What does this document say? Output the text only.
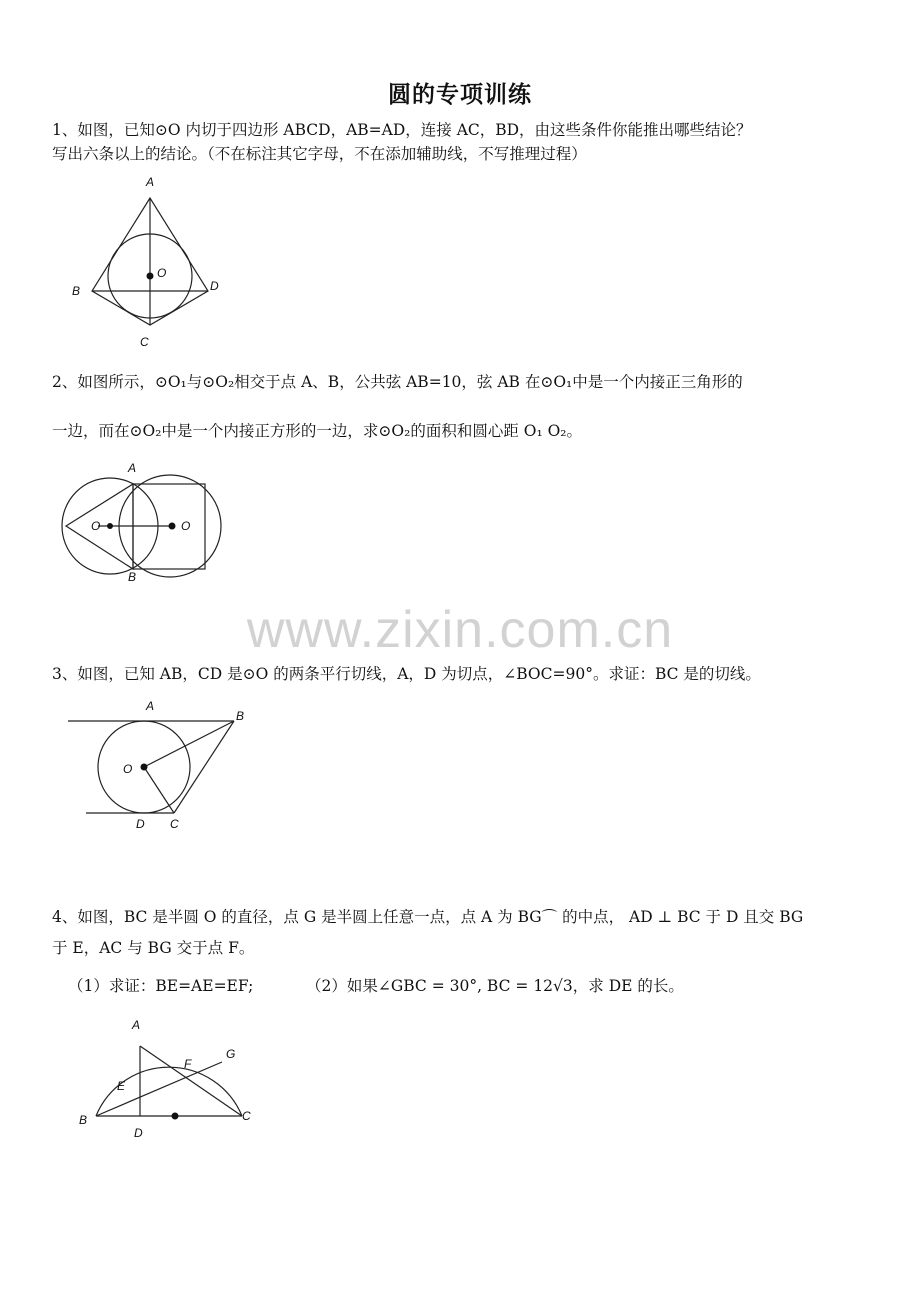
圆的专项训练
1、如图，已知⊙O 内切于四边形 ABCD，AB=AD，连接 AC，BD，由这些条件你能推出哪些结论？
写出六条以上的结论。（不在标注其它字母，不在添加辅助线，不写推理过程）
A
B
C
D
O
2、如图所示，⊙O₁与⊙O₂相交于点 A、B，公共弦 AB=10，弦 AB 在⊙O₁中是一个内接正三角形的
一边，而在⊙O₂中是一个内接正方形的一边，求⊙O₂的面积和圆心距 O₁ O₂。
A
B
O	O
www.zixin.com.cn
3、如图，已知 AB，CD 是⊙O 的两条平行切线，A，D 为切点，∠BOC=90°。求证：BC 是的切线。
A
B
C
D
O
4、如图，BC 是半圆 O 的直径，点 G 是半圆上任意一点，点 A 为 BG⌒ 的中点， AD ⊥ BC 于 D 且交 BG
于 E，AC 与 BG 交于点 F。
（1）求证：BE=AE=EF;	（2）如果∠GBC = 30°, BC = 12√3，求 DE 的长。
A
B	C
D
E
F
G
